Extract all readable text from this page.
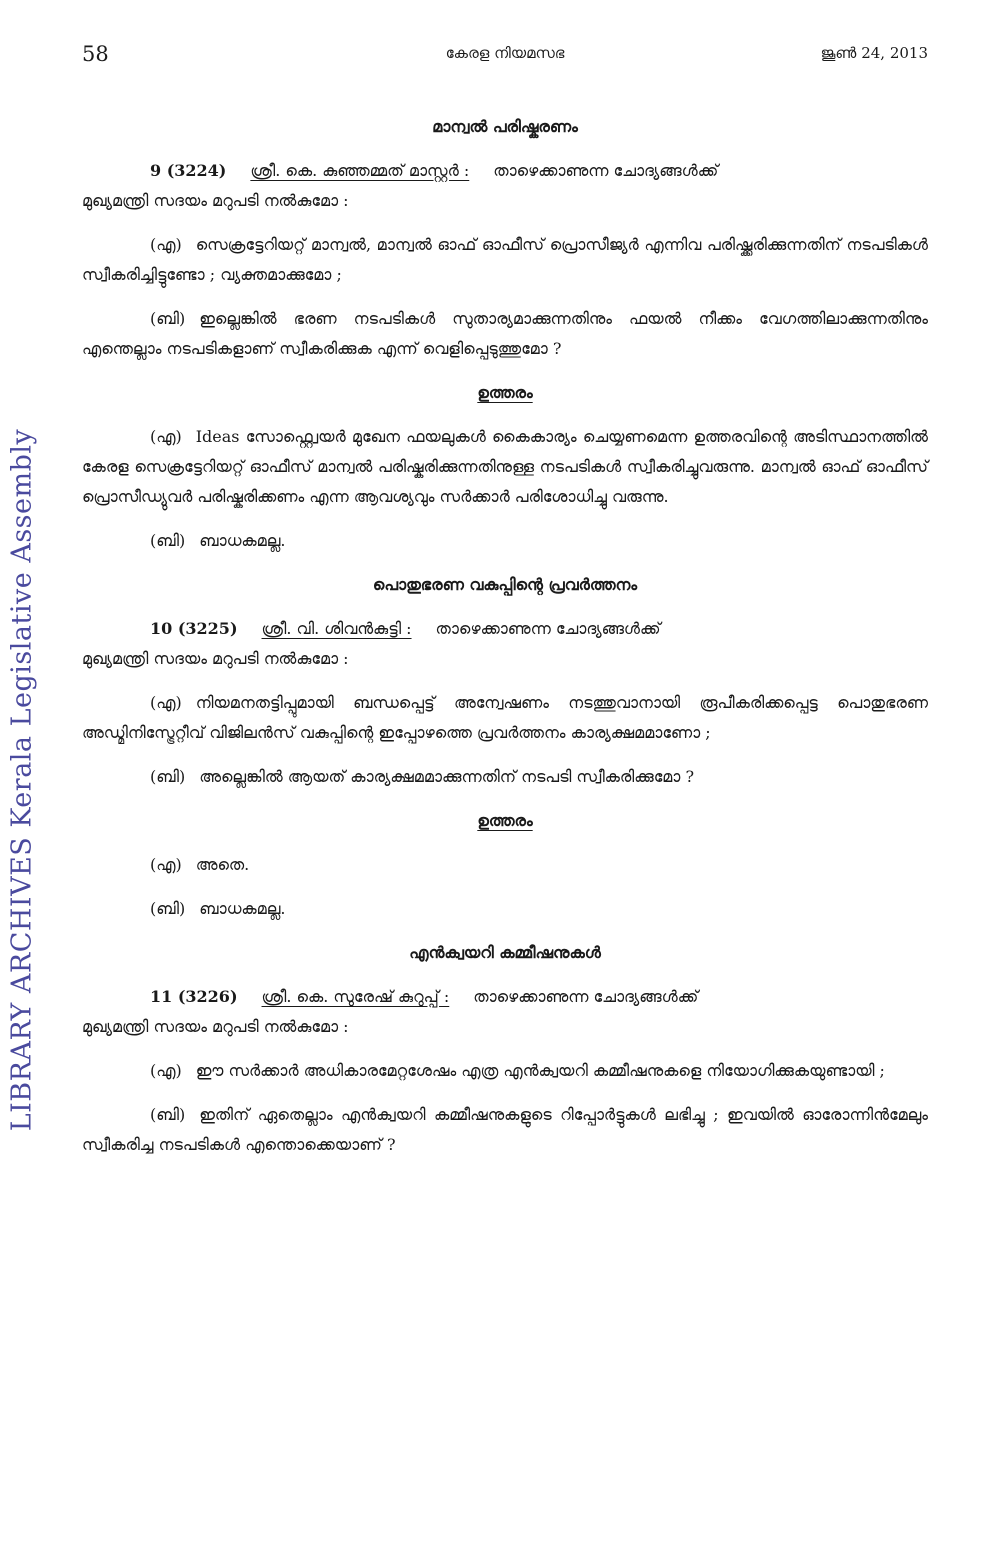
LIBRARY ARCHIVES Kerala Legislative Assembly
58	കേരള നിയമസഭ	ജൂൺ 24, 2013
മാന്വൽ പരിഷ്കരണം
9 (3224) ശ്രീ. കെ. കുഞ്ഞമ്മത് മാസ്റ്റർ : താഴെക്കാണുന്ന ചോദ്യങ്ങൾക്ക്
മുഖ്യമന്ത്രി സദയം മറുപടി നൽകുമോ :

(എ) സെക്രട്ടേറിയറ്റ് മാന്വൽ, മാന്വൽ ഓഫ് ഓഫീസ് പ്രൊസീജ്യർ എന്നിവ പരിഷ്ക്കരിക്കുന്നതിന് നടപടികൾ സ്വീകരിച്ചിട്ടുണ്ടോ ; വ്യക്തമാക്കുമോ ;

(ബി) ഇല്ലെങ്കിൽ ഭരണ നടപടികൾ സുതാര്യമാക്കുന്നതിനും ഫയൽ നീക്കം വേഗത്തിലാക്കുന്നതിനും എന്തെല്ലാം നടപടികളാണ് സ്വീകരിക്കുക എന്ന് വെളിപ്പെടുത്തുമോ ?

ഉത്തരം

(എ) Ideas സോഫ്റ്റ്വെയർ മുഖേന ഫയലുകൾ കൈകാര്യം ചെയ്യണമെന്ന ഉത്തരവിന്റെ അടിസ്ഥാനത്തിൽ കേരള സെക്രട്ടേറിയറ്റ് ഓഫീസ് മാന്വൽ പരിഷ്കരിക്കുന്നതിനുള്ള നടപടികൾ സ്വീകരിച്ചുവരുന്നു. മാന്വൽ ഓഫ് ഓഫീസ് പ്രൊസീഡ്യുവർ പരിഷ്കരിക്കണം എന്ന ആവശ്യവും സർക്കാർ പരിശോധിച്ചു വരുന്നു.

(ബി) ബാധകമല്ല.

പൊതുഭരണ വകുപ്പിന്റെ പ്രവർത്തനം
10 (3225) ശ്രീ. വി. ശിവൻകുട്ടി : താഴെക്കാണുന്ന ചോദ്യങ്ങൾക്ക്
മുഖ്യമന്ത്രി സദയം മറുപടി നൽകുമോ :

(എ) നിയമനതട്ടിപ്പുമായി ബന്ധപ്പെട്ട് അന്വേഷണം നടത്തുവാനായി രൂപീകരിക്കപ്പെട്ട പൊതുഭരണ അഡ്മിനിസ്ട്രേറ്റീവ് വിജിലൻസ് വകുപ്പിന്റെ ഇപ്പോഴത്തെ പ്രവർത്തനം കാര്യക്ഷമമാണോ ;

(ബി) അല്ലെങ്കിൽ ആയത് കാര്യക്ഷമമാക്കുന്നതിന് നടപടി സ്വീകരിക്കുമോ ?

ഉത്തരം

(എ) അതെ.

(ബി) ബാധകമല്ല.

എൻക്വയറി കമ്മീഷനുകൾ
11 (3226) ശ്രീ. കെ. സുരേഷ് കുറുപ്പ് : താഴെക്കാണുന്ന ചോദ്യങ്ങൾക്ക്
മുഖ്യമന്ത്രി സദയം മറുപടി നൽകുമോ :

(എ) ഈ സർക്കാർ അധികാരമേറ്റശേഷം എത്ര എൻക്വയറി കമ്മീഷനുകളെ നിയോഗിക്കുകയുണ്ടായി ;

(ബി) ഇതിന് ഏതെല്ലാം എൻക്വയറി കമ്മീഷനുകളുടെ റിപ്പോർട്ടുകൾ ലഭിച്ചു ; ഇവയിൽ ഓരോന്നിൻമേലും സ്വീകരിച്ച നടപടികൾ എന്തൊക്കെയാണ് ?
